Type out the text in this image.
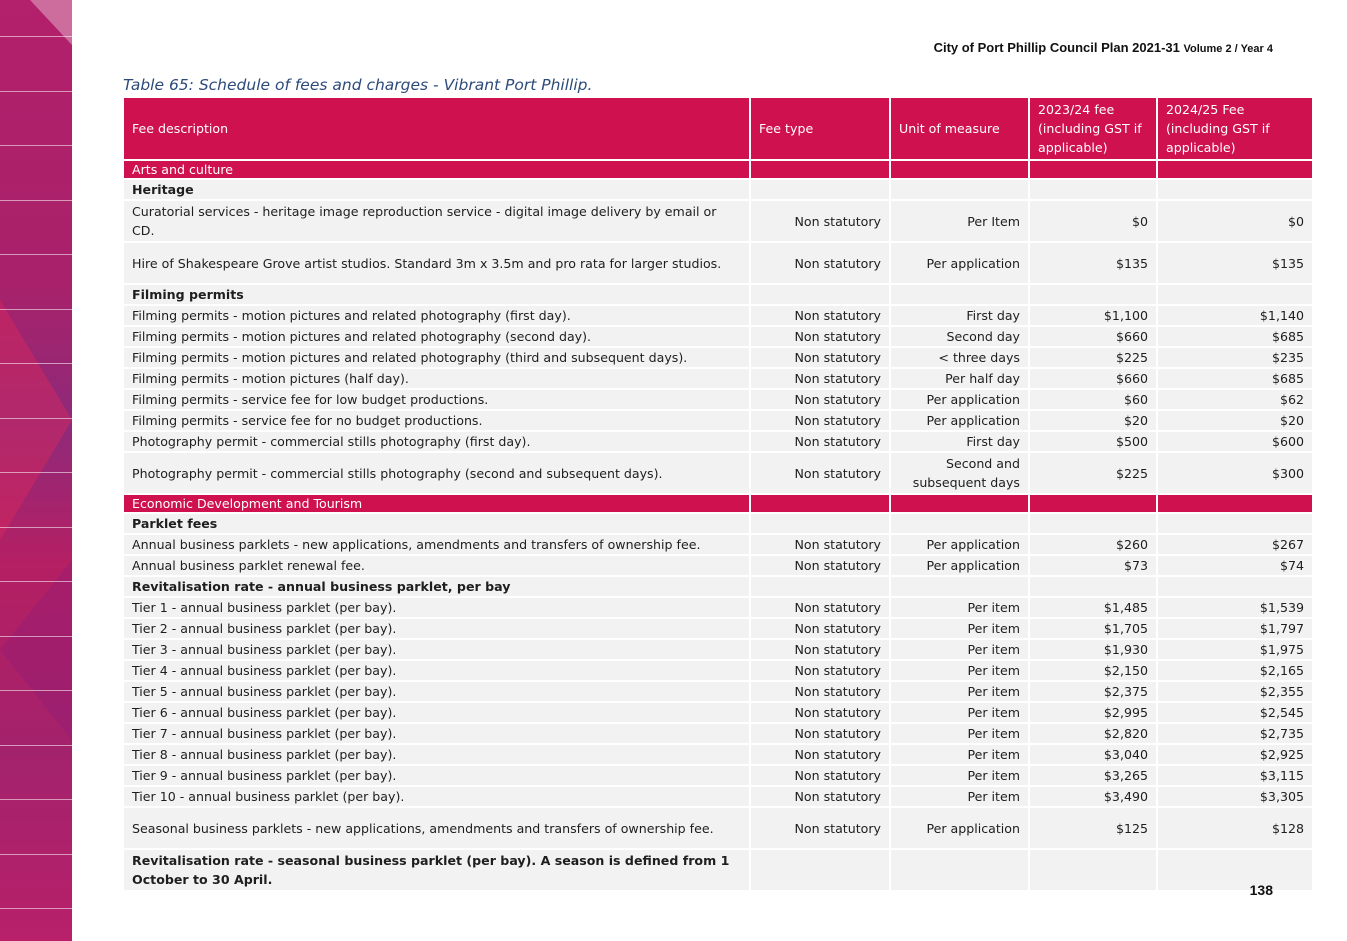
City of Port Phillip Council Plan 2021-31 Volume 2 / Year 4
Table 65: Schedule of fees and charges - Vibrant Port Phillip.
Fee description	Fee type	Unit of measure	2023/24 fee (including GST if applicable)	2024/25 Fee (including GST if applicable)
Arts and culture				
Heritage				
Curatorial services - heritage image reproduction service - digital image delivery by email or CD.	Non statutory	Per Item	$0	$0
Hire of Shakespeare Grove artist studios. Standard 3m x 3.5m and pro rata for larger studios.	Non statutory	Per application	$135	$135
Filming permits				
Filming permits - motion pictures and related photography (first day).	Non statutory	First day	$1,100	$1,140
Filming permits - motion pictures and related photography (second day).	Non statutory	Second day	$660	$685
Filming permits - motion pictures and related photography (third and subsequent days).	Non statutory	< three days	$225	$235
Filming permits - motion pictures (half day).	Non statutory	Per half day	$660	$685
Filming permits - service fee for low budget productions.	Non statutory	Per application	$60	$62
Filming permits - service fee for no budget productions.	Non statutory	Per application	$20	$20
Photography permit - commercial stills photography (first day).	Non statutory	First day	$500	$600
Photography permit - commercial stills photography (second and subsequent days).	Non statutory	Second and subsequent days	$225	$300
Economic Development and Tourism				
Parklet fees				
Annual business parklets - new applications, amendments and transfers of ownership fee.	Non statutory	Per application	$260	$267
Annual business parklet renewal fee.	Non statutory	Per application	$73	$74
Revitalisation rate - annual business parklet, per bay				
Tier 1 - annual business parklet (per bay).	Non statutory	Per item	$1,485	$1,539
Tier 2 - annual business parklet (per bay).	Non statutory	Per item	$1,705	$1,797
Tier 3 - annual business parklet (per bay).	Non statutory	Per item	$1,930	$1,975
Tier 4 - annual business parklet (per bay).	Non statutory	Per item	$2,150	$2,165
Tier 5 - annual business parklet (per bay).	Non statutory	Per item	$2,375	$2,355
Tier 6 - annual business parklet (per bay).	Non statutory	Per item	$2,995	$2,545
Tier 7 - annual business parklet (per bay).	Non statutory	Per item	$2,820	$2,735
Tier 8 - annual business parklet (per bay).	Non statutory	Per item	$3,040	$2,925
Tier 9 - annual business parklet (per bay).	Non statutory	Per item	$3,265	$3,115
Tier 10 - annual business parklet (per bay).	Non statutory	Per item	$3,490	$3,305
Seasonal business parklets - new applications, amendments and transfers of ownership fee.	Non statutory	Per application	$125	$128
Revitalisation rate - seasonal business parklet (per bay). A season is defined from 1 October to 30 April.				
138
